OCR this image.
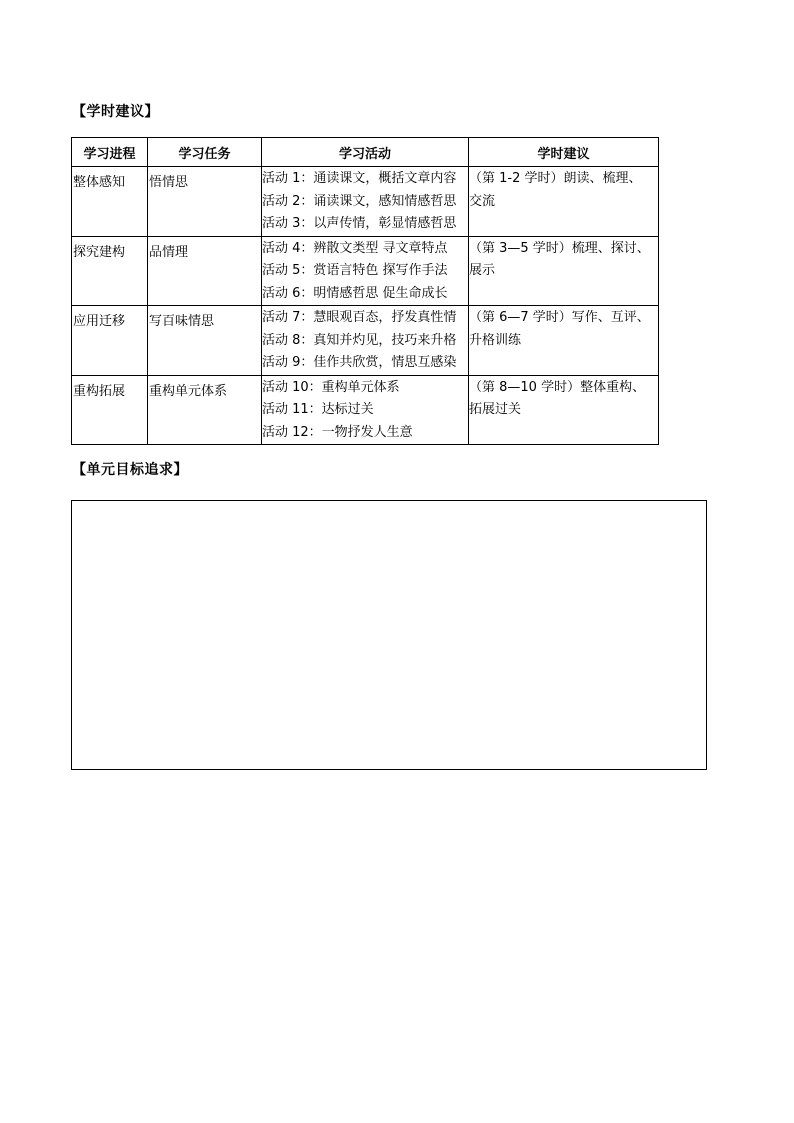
【学时建议】
学习进程	学习任务	学习活动	学时建议
整体感知	悟情思	活动 1：通读课文，概括文章内容
活动 2：诵读课文，感知情感哲思
活动 3：以声传情，彰显情感哲思	（第 1-2 学时）朗读、梳理、
交流

探究建构	品情理	活动 4：辨散文类型 寻文章特点
活动 5：赏语言特色 探写作手法
活动 6：明情感哲思 促生命成长	（第 3—5 学时）梳理、探讨、
展示

应用迁移	写百味情思	活动 7：慧眼观百态，抒发真性情
活动 8：真知并灼见，技巧来升格
活动 9：佳作共欣赏，情思互感染	（第 6—7 学时）写作、互评、
升格训练

重构拓展	重构单元体系	活动 10：重构单元体系
活动 11：达标过关
活动 12：一物抒发人生意	（第 8—10 学时）整体重构、
拓展过关
【单元目标追求】
